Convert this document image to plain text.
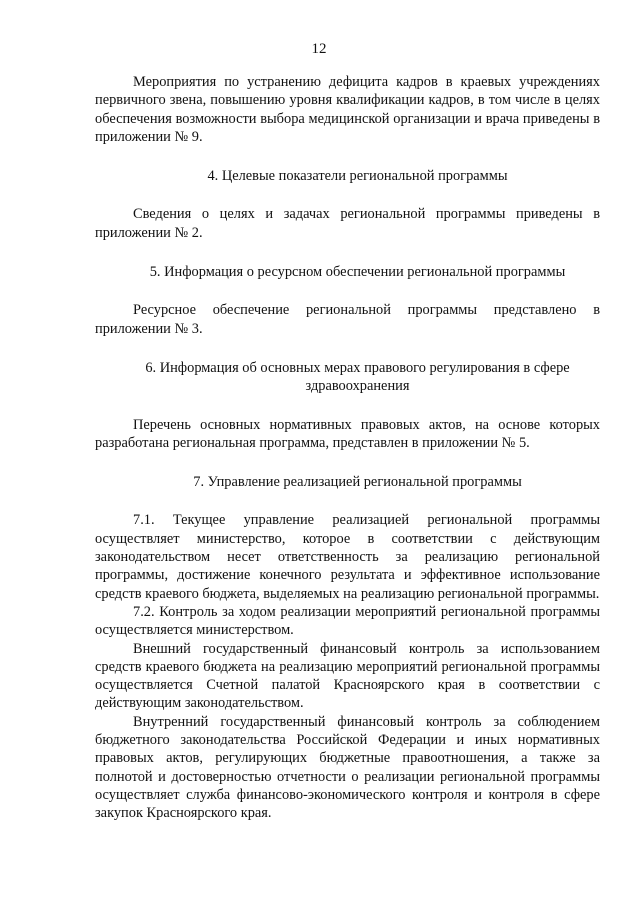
12

Мероприятия по устранению дефицита кадров в краевых учреждениях первичного звена, повышению уровня квалификации кадров, в том числе в целях обеспечения возможности выбора медицинской организации и врача приведены в приложении № 9.

4. Целевые показатели региональной программы

Сведения о целях и задачах региональной программы приведены в приложении № 2.

5. Информация о ресурсном обеспечении региональной программы

Ресурсное обеспечение региональной программы представлено в приложении № 3.

6. Информация об основных мерах правового регулирования в сфере здравоохранения

Перечень основных нормативных правовых актов, на основе которых разработана региональная программа, представлен в приложении № 5.

7. Управление реализацией региональной программы

7.1. Текущее управление реализацией региональной программы осуществляет министерство, которое в соответствии с действующим законодательством несет ответственность за реализацию региональной программы, достижение конечного результата и эффективное использование средств краевого бюджета, выделяемых на реализацию региональной программы.

7.2. Контроль за ходом реализации мероприятий региональной программы осуществляется министерством.

Внешний государственный финансовый контроль за использованием средств краевого бюджета на реализацию мероприятий региональной программы осуществляется Счетной палатой Красноярского края в соответствии с действующим законодательством.

Внутренний государственный финансовый контроль за соблюдением бюджетного законодательства Российской Федерации и иных нормативных правовых актов, регулирующих бюджетные правоотношения, а также за полнотой и достоверностью отчетности о реализации региональной программы осуществляет служба финансово-экономического контроля и контроля в сфере закупок Красноярского края.
